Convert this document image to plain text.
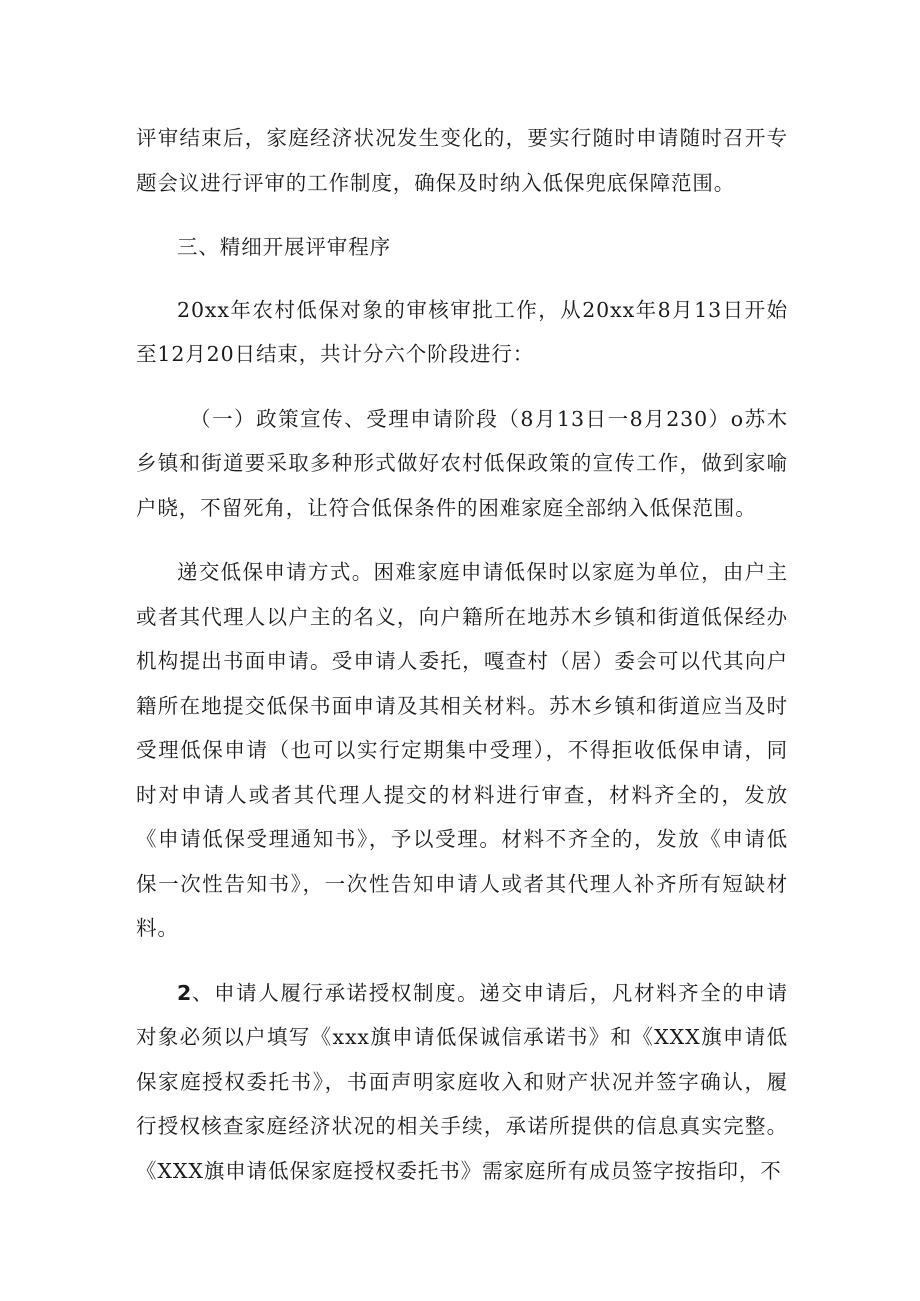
评审结束后，家庭经济状况发生变化的，要实行随时申请随时召开专题会议进行评审的工作制度，确保及时纳入低保兜底保障范围。

三、精细开展评审程序

20xx年农村低保对象的审核审批工作，从20xx年8月13日开始至12月20日结束，共计分六个阶段进行：

（一）政策宣传、受理申请阶段（8月13日一8月230）o苏木乡镇和街道要采取多种形式做好农村低保政策的宣传工作，做到家喻户晓，不留死角，让符合低保条件的困难家庭全部纳入低保范围。

递交低保申请方式。困难家庭申请低保时以家庭为单位，由户主或者其代理人以户主的名义，向户籍所在地苏木乡镇和街道低保经办机构提出书面申请。受申请人委托，嘎查村（居）委会可以代其向户籍所在地提交低保书面申请及其相关材料。苏木乡镇和街道应当及时受理低保申请（也可以实行定期集中受理），不得拒收低保申请，同时对申请人或者其代理人提交的材料进行审查，材料齐全的，发放《申请低保受理通知书》，予以受理。材料不齐全的，发放《申请低保一次性告知书》，一次性告知申请人或者其代理人补齐所有短缺材料。

2、申请人履行承诺授权制度。递交申请后，凡材料齐全的申请对象必须以户填写《xxx旗申请低保诚信承诺书》和《XXX旗申请低保家庭授权委托书》，书面声明家庭收入和财产状况并签字确认，履行授权核查家庭经济状况的相关手续，承诺所提供的信息真实完整。《XXX旗申请低保家庭授权委托书》需家庭所有成员签字按指印，不
